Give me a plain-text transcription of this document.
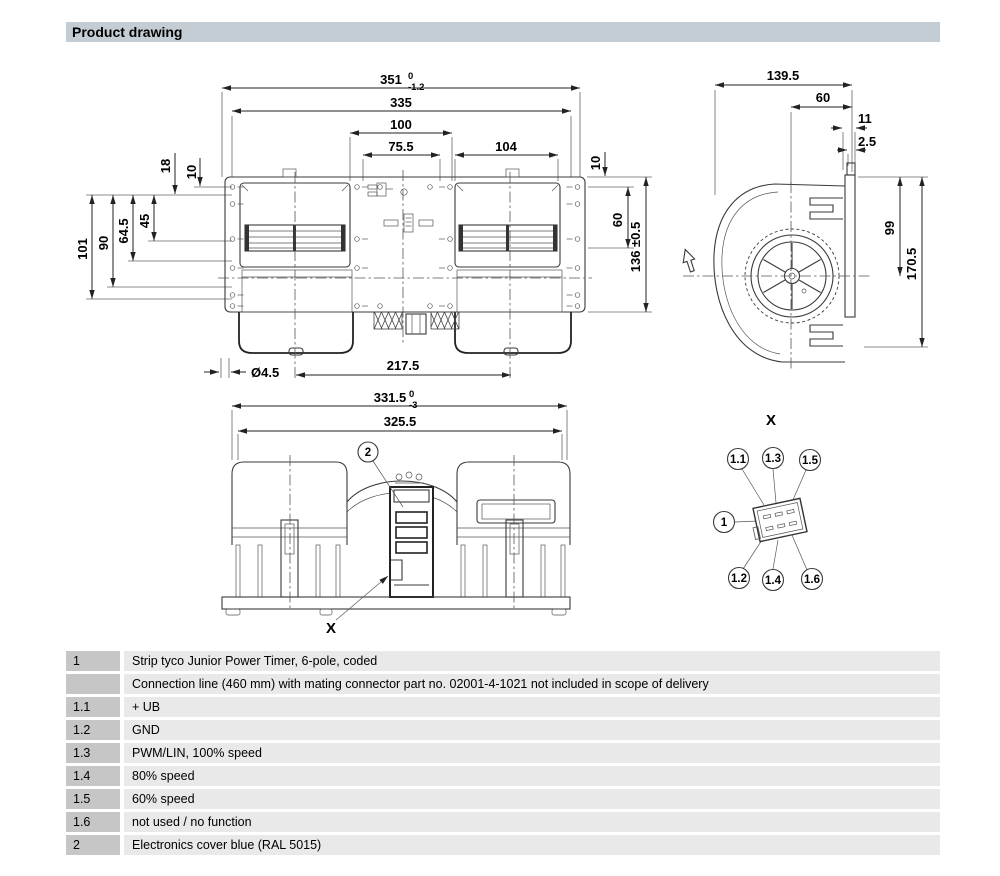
Product drawing
351 0
-1.2
335
100
75.5	104
18 10
101 90 64.5 45
10
60
136 ±0.5
Ø4.5	217.5
139.5
60
11
2.5
99
170.5
331.5 0
-3
325.5
2
X
X
1.1 1.3 1.5
1
1.2 1.4 1.6
1	Strip tyco Junior Power Timer, 6-pole, coded
Connection line (460 mm) with mating connector part no. 02001-4-1021 not included in scope of delivery
1.1	+ UB
1.2	GND
1.3	PWM/LIN, 100% speed
1.4	80% speed
1.5	60% speed
1.6	not used / no function
2	Electronics cover blue (RAL 5015)
